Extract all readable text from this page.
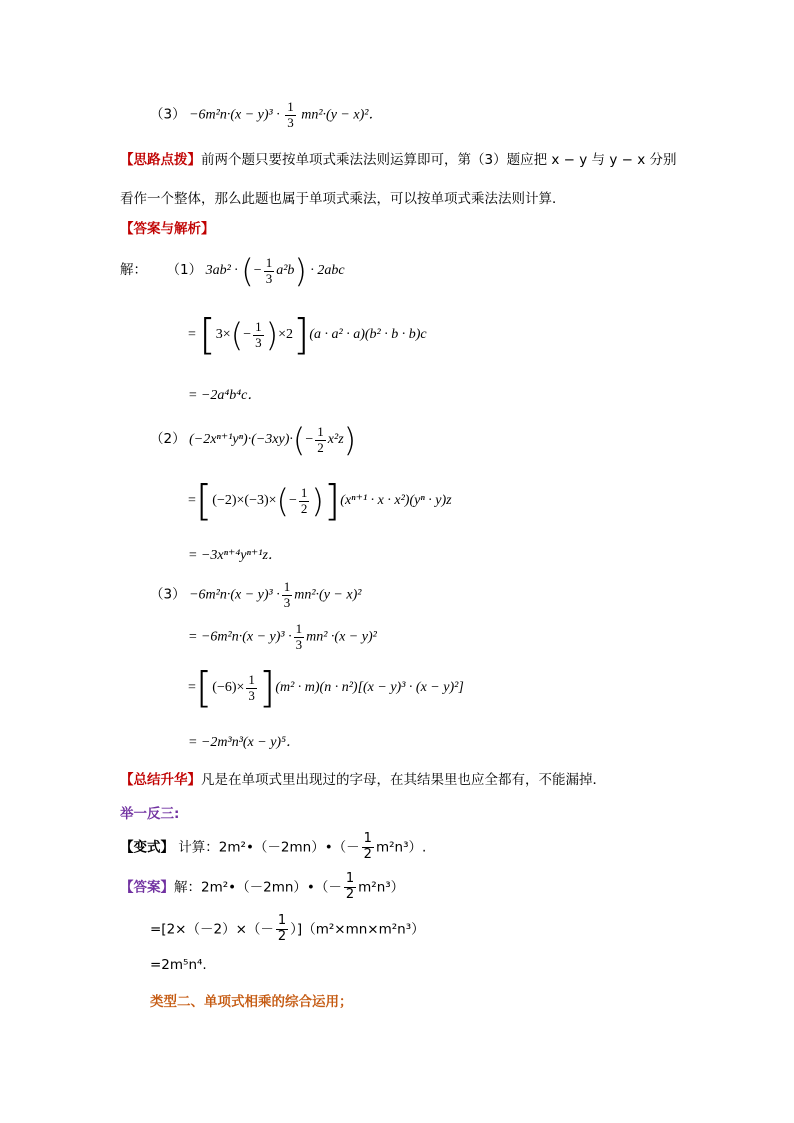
$(3) -6m^2n\cdot(x - y)^3 \cdot \frac{1}{3} mn^2\cdot(y - x)^2$．
【思路点拨】前两个题只要按单项式乘法法则运算即可，第（3）题应把 x − y 与 y − x 分别
看作一个整体，那么此题也属于单项式乘法，可以按单项式乘法法则计算．
【答案与解析】
解： （1） 3ab² · (− $\frac{1}{3} a^2b) \cdot 2abc$
= $[3\times(- \frac{1}{3} )\times 2](a \cdot a^2 \cdot a)(b^2 \cdot b \cdot b)c$
= −2a⁴b⁴c．
（2） $(-2x^{n+1}y^n)\cdot(-3xy)\cdot(- \frac{1}{2} x^2z)$
$=[(-2)\times(-3)\times(- \frac{1}{2} )](x^{n+1} \cdot x \cdot x^2)(y^n \cdot y)z$
= −3xⁿ⁺⁴yⁿ⁺¹z．
$(3) -6m^2n\cdot(x - y)^3 \cdot \frac{1}{3} mn^2\cdot(y - x)^2$
= $-6m^2n\cdot(x - y)^3 \cdot \frac{1}{3} mn^2 \cdot(x - y)^2$
$=[(-6)\times \frac{1}{3} ](m^2 \cdot m)(n \cdot n^2)[(x - y)^3 \cdot (x - y)^2]$
= −2m³n³(x − y)⁵．
【总结升华】凡是在单项式里出现过的字母，在其结果里也应全都有，不能漏掉．
举一反三:
【变式】 计算：2m²•（－2mn）•（－ $\frac{1}{2} m^2n^3$）.
【答案】解：2m²•（－2mn）•（－ $\frac{1}{2} m^2n^3$）
$=[2\times(-2)\times(- \frac{1}{2} )](m^2\times mn\times m^2n^3)$
=2m⁵n⁴.
类型二、单项式相乘的综合运用；
